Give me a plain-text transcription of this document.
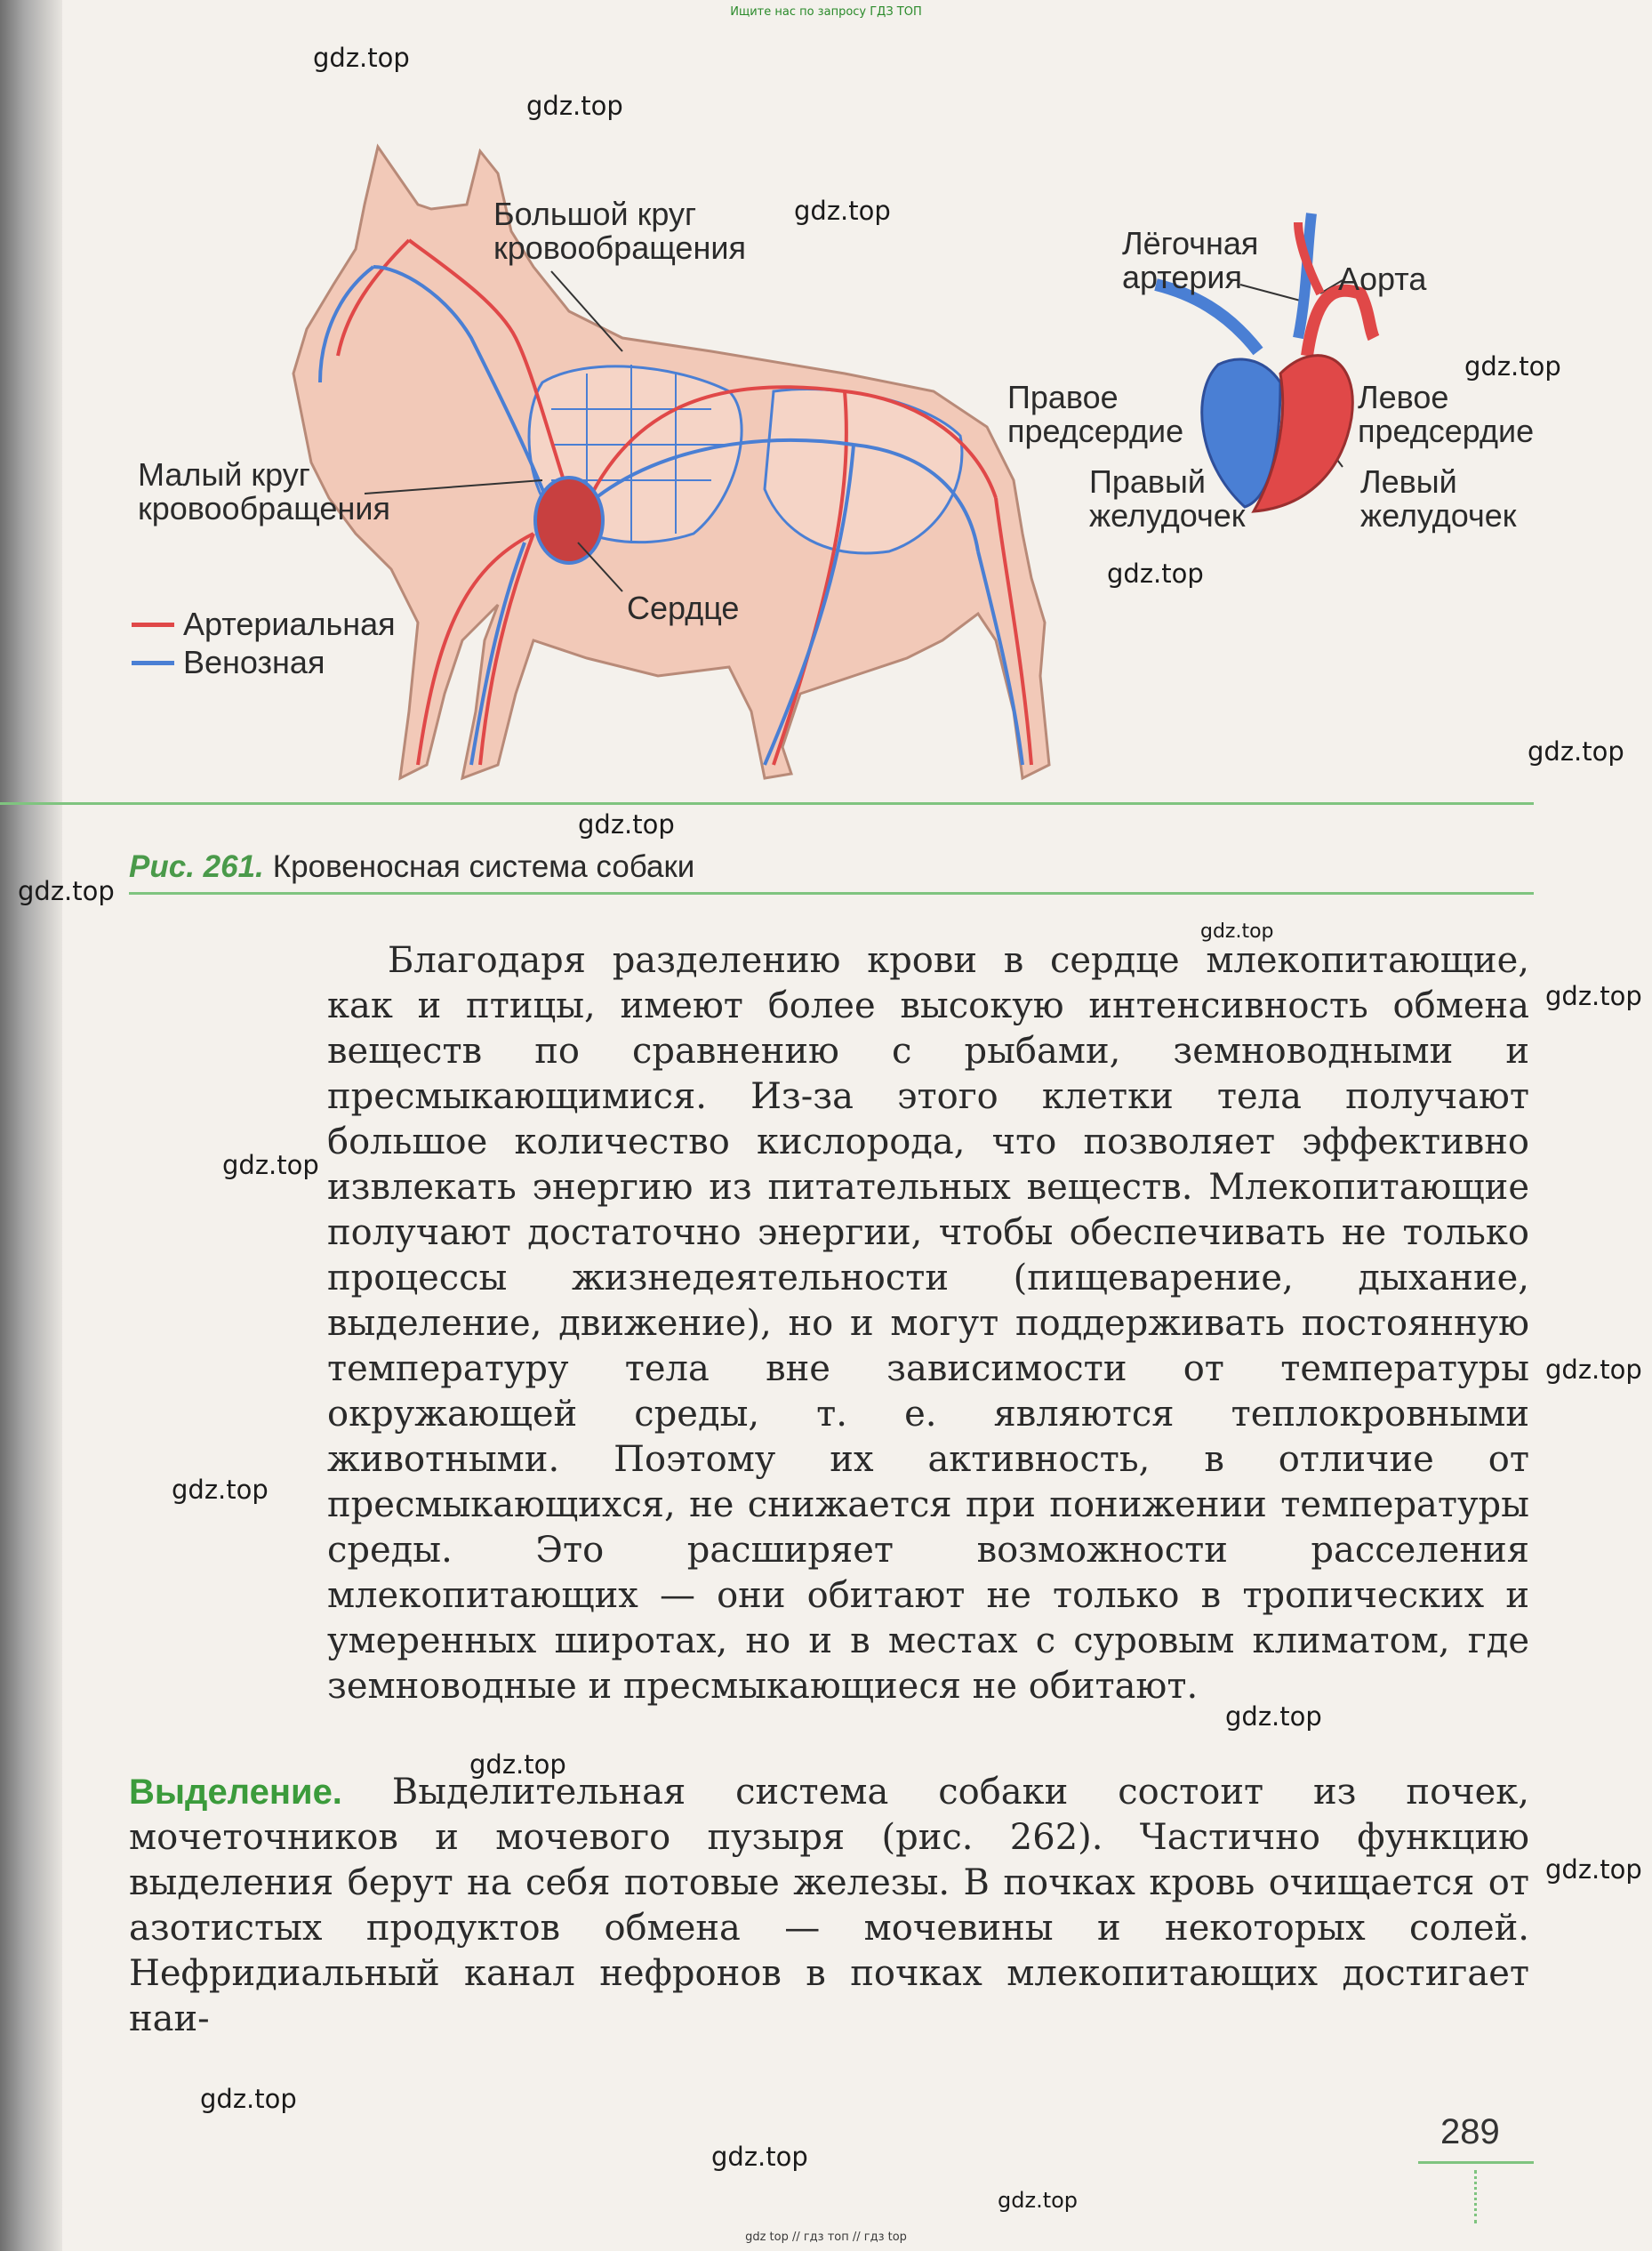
Ищите нас по запросу ГДЗ ТОП
Большой круг
кровообращения
Малый круг
кровообращения
Сердце
Лёгочная
артерия	Аорта
Правое
предсердие
Левое
предсердие
Правый
желудочек
Левый
желудочек
Артериальная
Венозная
Рис. 261. Кровеносная система собаки
Благодаря разделению крови в сердце млекопитающие, как и птицы, имеют более высокую интенсивность обмена веществ по сравнению с рыбами, земноводными и пресмыкающимися. Из-за этого клетки тела получают большое количество кислорода, что позволяет эффективно извлекать энергию из питательных веществ. Млекопитающие получают достаточно энергии, чтобы обеспечивать не только процессы жизнедеятельности (пищеварение, дыхание, выделение, движение), но и могут поддерживать постоянную температуру тела вне зависимости от температуры окружающей среды, т. е. являются теплокровными животными. Поэтому их активность, в отличие от пресмыкающихся, не снижается при понижении температуры среды. Это расширяет возможности расселения млекопитающих — они обитают не только в тропических и умеренных широтах, но и в местах с суровым климатом, где земноводные и пресмыкающиеся не обитают.
Выделение. Выделительная система собаки состоит из почек, мочеточников и мочевого пузыря (рис. 262). Частично функцию выделения берут на себя потовые железы. В почках кровь очищается от азотистых продуктов обмена — мочевины и некоторых солей. Нефридиальный канал нефронов в почках млекопитающих достигает наи-
289
gdz.top
gdz.top
gdz.top
gdz.top
gdz.top
gdz.top
gdz.top
gdz.top
gdz.top
gdz.top
gdz.top
gdz.top
gdz.top
gdz.top
gdz.top
gdz.top
gdz.top
gdz.top
gdz.top
gdz top // гдз топ // гдз top
